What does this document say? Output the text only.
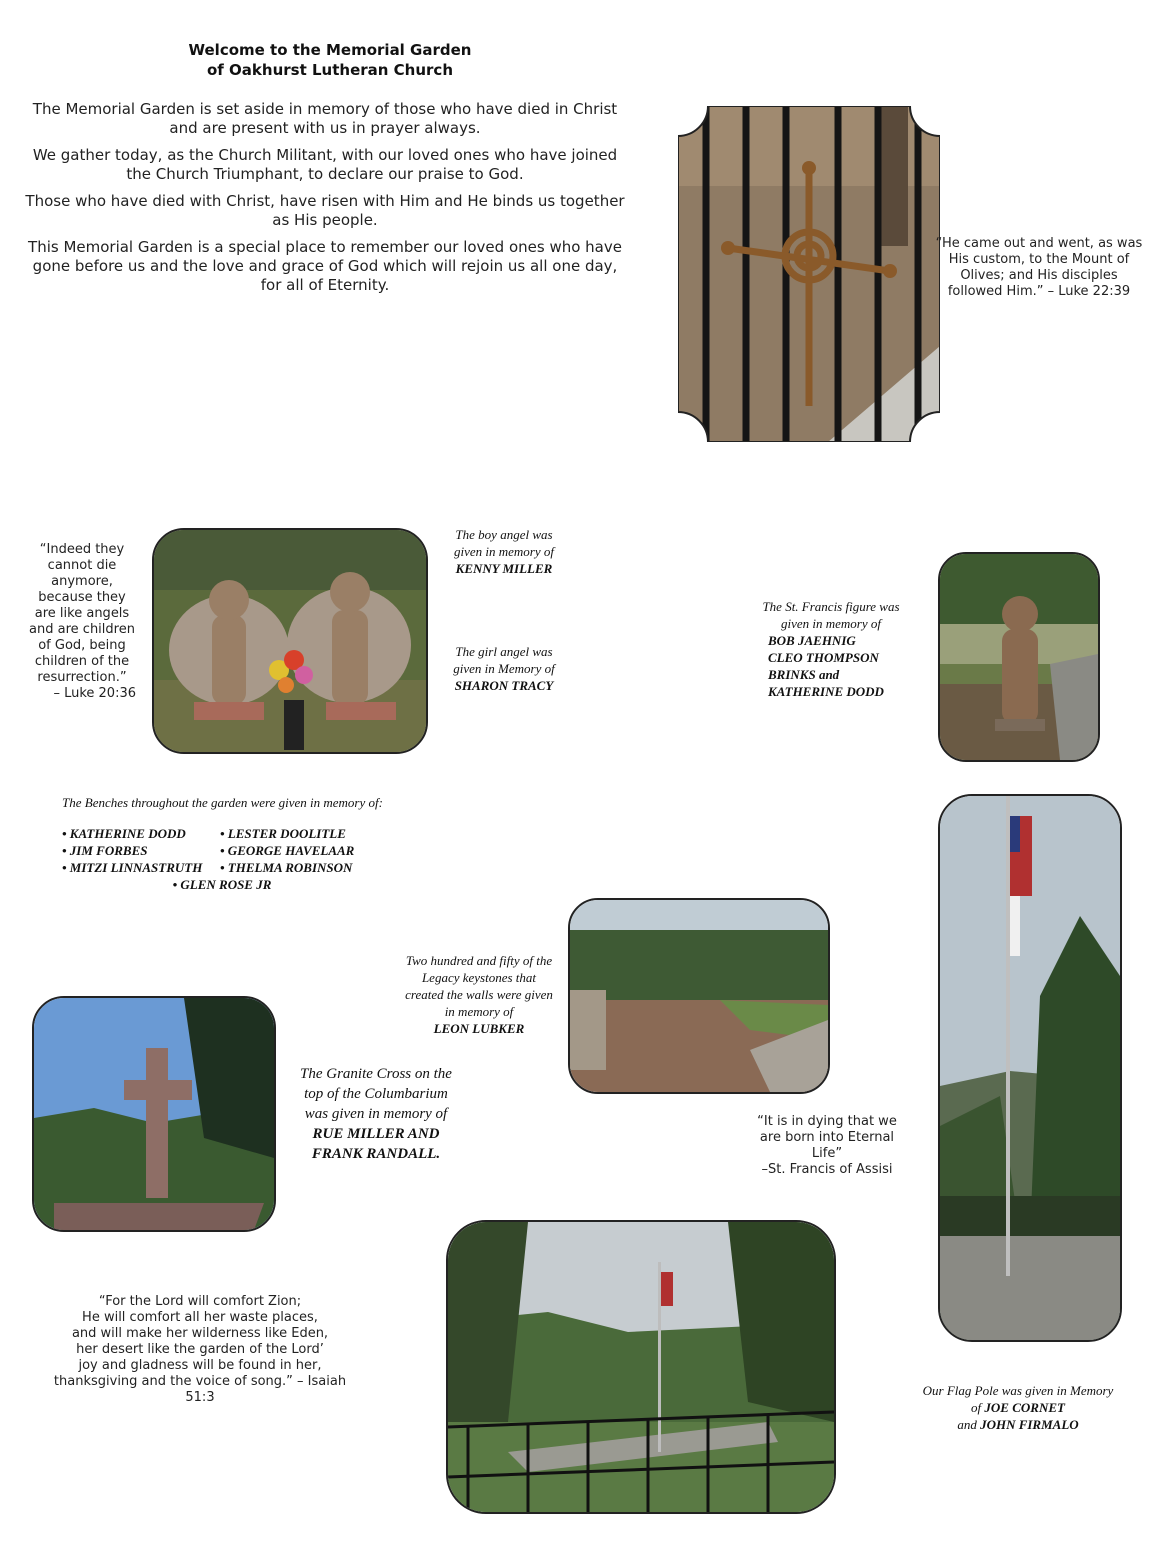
Welcome to the Memorial Garden
of Oakhurst Lutheran Church

The Memorial Garden is set aside in memory of those who have died in Christ and are present with us in prayer always.

We gather today, as the Church Militant, with our loved ones who have joined the Church Triumphant, to declare our praise to God.

Those who have died with Christ, have risen with Him and He binds us together as His people.

This Memorial Garden is a special place to remember our loved ones who have gone before us and the love and grace of God which will rejoin us all one day, for all of Eternity.

“He came out and went, as was His custom, to the Mount of Olives; and His disciples followed Him.” – Luke 22:39
“Indeed they cannot die anymore, because they are like angels and are children of God, being children of the resurrection.”
– Luke 20:36
The boy angel was given in memory of
KENNY MILLER
The girl angel was given in Memory of
SHARON TRACY
The St. Francis figure was given in memory of
BOB JAEHNIG
CLEO THOMPSON
BRINKS and
KATHERINE DODD
The Benches throughout the garden were given in memory of:
• KATHERINE DODD	• LESTER DOOLITLE
• JIM FORBES	• GEORGE HAVELAAR
• MITZI LINNASTRUTH	• THELMA ROBINSON
• GLEN ROSE JR
Two hundred and fifty of the Legacy keystones that created the walls were given in memory of
LEON LUBKER
The Granite Cross on the top of the Columbarium was given in memory of
RUE MILLER AND FRANK RANDALL.
“It is in dying that we are born into Eternal Life”
–St. Francis of Assisi
“For the Lord will comfort Zion;
He will comfort all her waste places,
and will make her wilderness like Eden,
her desert like the garden of the Lord’
joy and gladness will be found in her,
thanksgiving and the voice of song.” – Isaiah 51:3	Our Flag Pole was given in Memory of JOE CORNET
and JOHN FIRMALO
